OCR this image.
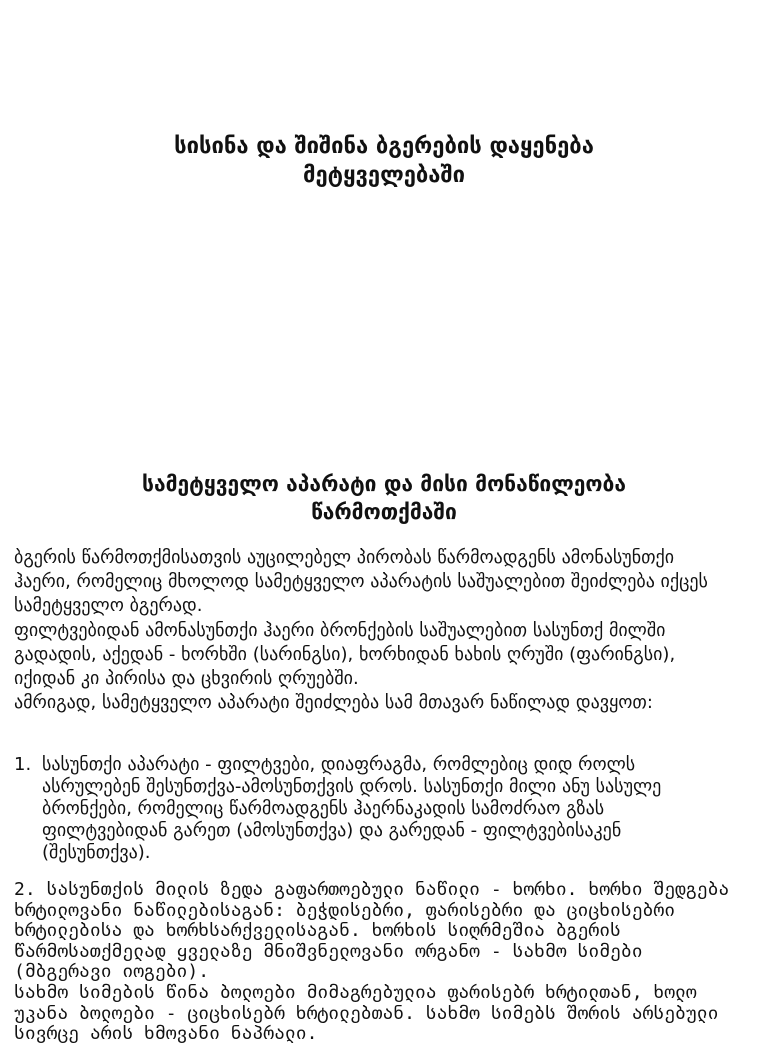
სისინა და შიშინა ბგერების დაყენება
მეტყველებაში
სამეტყველო აპარატი და მისი მონაწილეობა
წარმოთქმაში

ბგერის წარმოთქმისათვის აუცილებელ პირობას წარმოადგენს ამონასუნთქი ჰაერი, რომელიც მხოლოდ სამეტყველო აპარატის საშუალებით შეიძლება იქცეს სამეტყველო ბგერად.

ფილტვებიდან ამონასუნთქი ჰაერი ბრონქების საშუალებით სასუნთქ მილში გადადის, აქედან - ხორხში (სარინგსი), ხორხიდან ხახის ღრუში (ფარინგსი), იქიდან კი პირისა და ცხვირის ღრუებში.

ამრიგად, სამეტყველო აპარატი შეიძლება სამ მთავარ ნაწილად დავყოთ:

1. სასუნთქი აპარატი - ფილტვები, დიაფრაგმა, რომლებიც დიდ როლს ასრულებენ შესუნთქვა-ამოსუნთქვის დროს. სასუნთქი მილი ანუ სასულე ბრონქები, რომელიც წარმოადგენს ჰაერნაკადის სამოძრაო გზას ფილტვებიდან გარეთ (ამოსუნთქვა) და გარედან - ფილტვებისაკენ (შესუნთქვა).

2. სასუნთქის მილის ზედა გაფართოებული ნაწილი - ხორხი. ხორხი შედგება ხრტილოვანი ნაწილებისაგან: ბეჭდისებრი, ფარისებრი და ციცხისებრი ხრტილებისა და ხორხსარქველისაგან. ხორხის სიღრმეშია ბგერის წარმოსათქმელად ყველაზე მნიშვნელოვანი ორგანო - სახმო სიმები (მბგერავი იოგები).

სახმო სიმების წინა ბოლოები მიმაგრებულია ფარისებრ ხრტილთან, ხოლო უკანა ბოლოები - ციცხისებრ ხრტილებთან. სახმო სიმებს შორის არსებული სივრცე არის ხმოვანი ნაპრალი.
